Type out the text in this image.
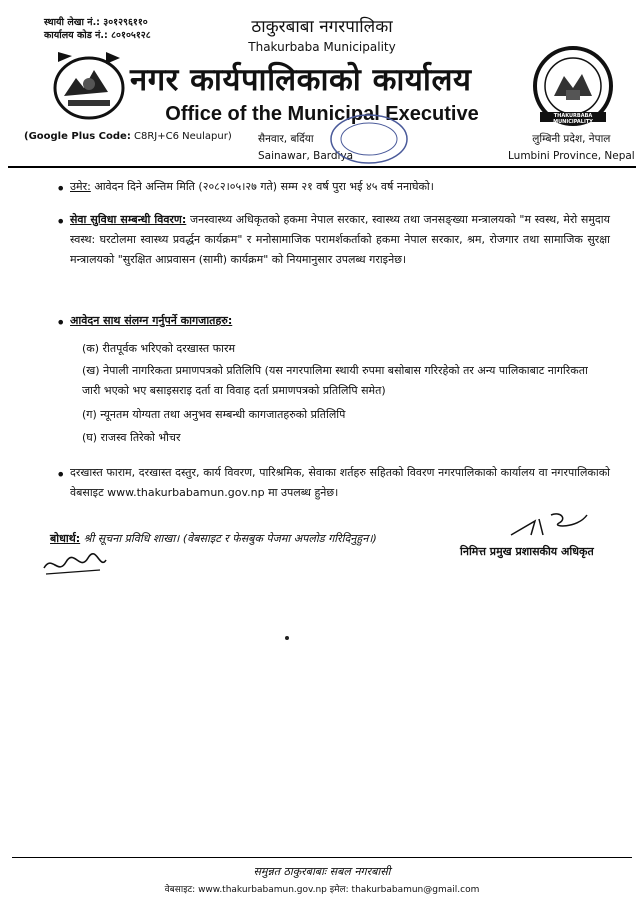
स्थायी लेखा नं.: ३०१२९६११०
कार्यालय कोड नं.: ८०१०५१२८	ठाकुरबाबा नगरपालिका
Thakurbaba Municipality
नगर कार्यपालिकाको कार्यालय
Office of the Municipal Executive	THAKURBABA MUNICIPALITY
(Google Plus Code: C8RJ+C6 Neulapur)	सैनवार, बर्दिया
Sainawar, Bardiya
लुम्बिनी प्रदेश, नेपाल
Lumbini Province, Nepal
• उमेर: आवेदन दिने अन्तिम मिति (२०८२।०५।२७ गते) सम्म २१ वर्ष पुरा भई ४५ वर्ष ननाघेको।
• सेवा सुविधा सम्बन्धी विवरण: जनस्वास्थ्य अधिकृतको हकमा नेपाल सरकार, स्वास्थ्य तथा जनसङ्ख्या मन्त्रालयको "म स्वस्थ, मेरो समुदाय स्वस्थ: घरटोलमा स्वास्थ्य प्रवर्द्धन कार्यक्रम" र मनोसामाजिक परामर्शकर्ताको हकमा नेपाल सरकार, श्रम, रोजगार तथा सामाजिक सुरक्षा मन्त्रालयको "सुरक्षित आप्रवासन (सामी) कार्यक्रम" को नियमानुसार उपलब्ध गराइनेछ।
• आवेदन साथ संलग्न गर्नुपर्ने कागजातहरु:
(क) रीतपूर्वक भरिएको दरखास्त फारम
(ख) नेपाली नागरिकता प्रमाणपत्रको प्रतिलिपि (यस नगरपालिमा स्थायी रुपमा बसोबास गरिरहेको तर अन्य पालिकाबाट नागरिकता जारी भएको भए बसाइसराइ दर्ता वा विवाह दर्ता प्रमाणपत्रको प्रतिलिपि समेत)
(ग) न्यूनतम योग्यता तथा अनुभव सम्बन्धी कागजातहरुको प्रतिलिपि
(घ) राजस्व तिरेको भौचर
• दरखास्त फाराम, दरखास्त दस्तुर, कार्य विवरण, पारिश्रमिक, सेवाका शर्तहरु सहितको विवरण नगरपालिकाको कार्यालय वा नगरपालिकाको वेबसाइट www.thakurbabamun.gov.np मा उपलब्ध हुनेछ।
बोधार्थ: श्री सूचना प्रविधि शाखा। (वेबसाइट र फेसबुक पेजमा अपलोड गरिदिनुहुन।)
निमित्त प्रमुख प्रशासकीय अधिकृत
समुन्नत ठाकुरबाबाः सबल नगरबासी
वेबसाइट: www.thakurbabamun.gov.np इमेल: thakurbabamun@gmail.com
